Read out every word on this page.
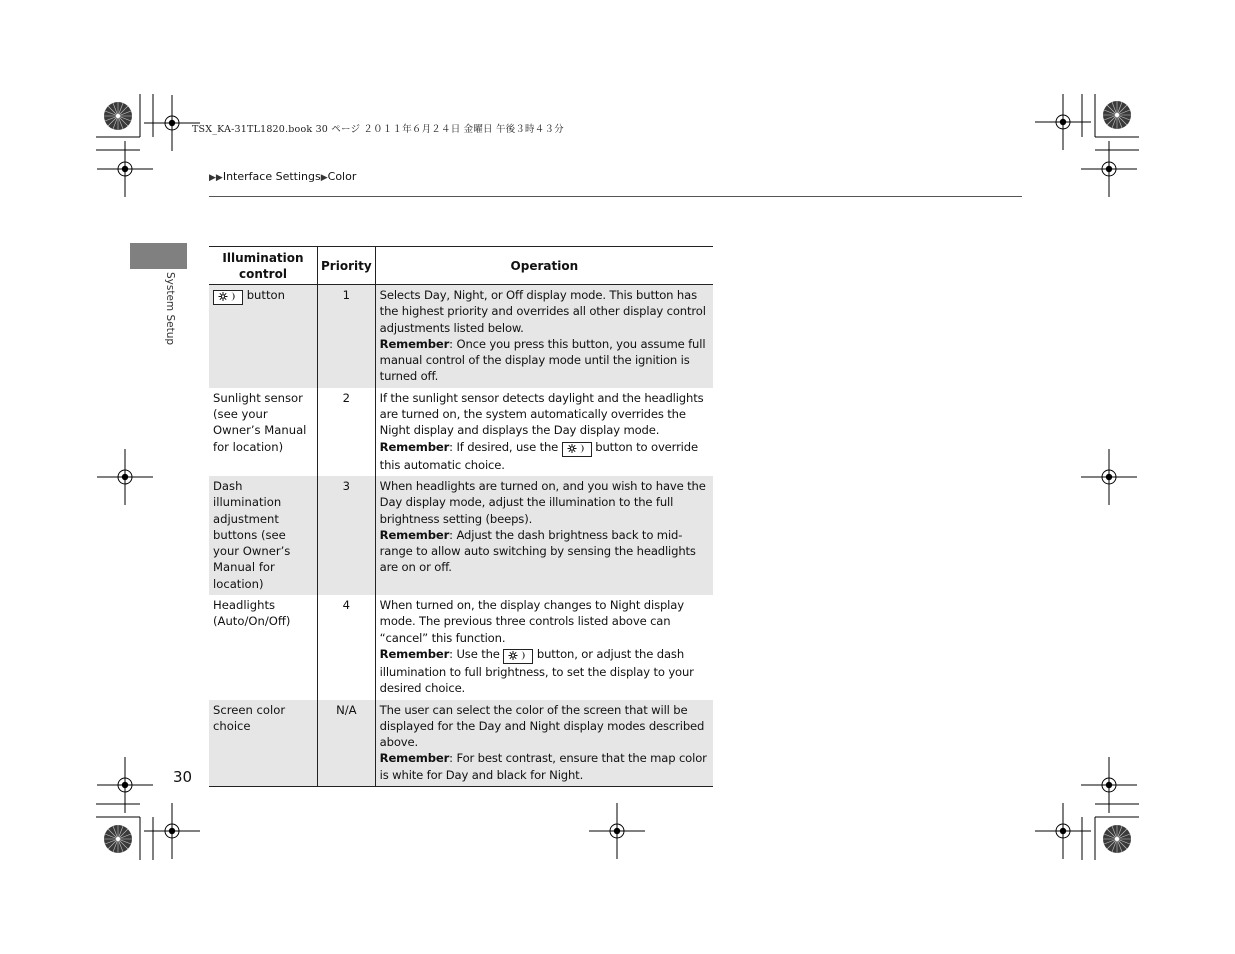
TSX_KA-31TL1820.book 30 ページ ２０１１年６月２４日 金曜日 午後３時４３分
▶▶Interface Settings▶Color
System Setup
30
Illumination control	Priority	Operation
button	1	Selects Day, Night, or Off display mode. This button has the highest priority and overrides all other display control adjustments listed below.
Remember: Once you press this button, you assume full manual control of the display mode until the ignition is turned off.
Sunlight sensor (see your Owner’s Manual for location)	2	If the sunlight sensor detects daylight and the headlights are turned on, the system automatically overrides the Night display and displays the Day display mode.
Remember: If desired, use the button to override this automatic choice.
Dash illumination adjustment buttons (see your Owner’s Manual for location)	3	When headlights are turned on, and you wish to have the Day display mode, adjust the illumination to the full brightness setting (beeps).
Remember: Adjust the dash brightness back to mid-range to allow auto switching by sensing the headlights are on or off.
Headlights (Auto/On/Off)	4	When turned on, the display changes to Night display mode. The previous three controls listed above can “cancel” this function.
Remember: Use the button, or adjust the dash illumination to full brightness, to set the display to your desired choice.
Screen color choice	N/A	The user can select the color of the screen that will be displayed for the Day and Night display modes described above.
Remember: For best contrast, ensure that the map color is white for Day and black for Night.
